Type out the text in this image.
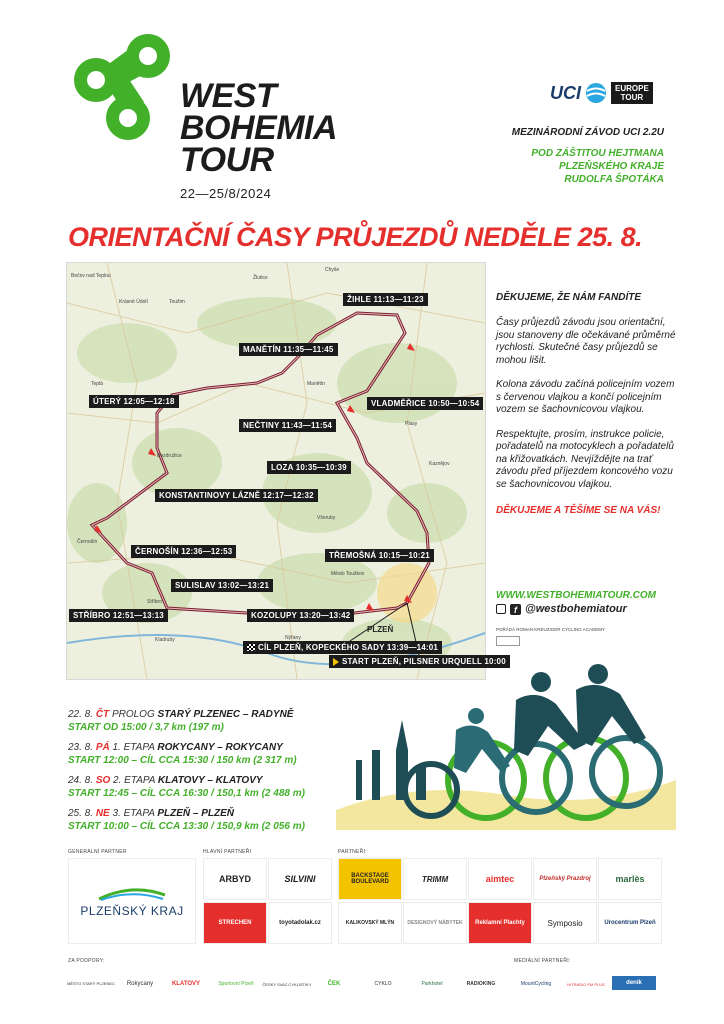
WEST
BOHEMIA
TOUR
22—25/8/2024
UCI	EUROPE
TOUR
MEZINÁRODNÍ ZÁVOD UCI 2.2U
POD ZÁŠTITOU HEJTMANA
PLZEŇSKÉHO KRAJE
RUDOLFA ŠPOTÁKA
ORIENTAČNÍ ČASY PRŮJEZDŮ NEDĚLE 25. 8.
Bečov nad Teplou	Žlutice
Chyše
Toužim
Krásné Údolí
Manětín
Teplá
Plasy
Bezdružice
Kaznějov
Všeruby
Černošín
Město Touškov
Stříbro
Kladruby	Nýřany
PLZEŇ
ŽIHLE 11:13—11:23
MANĚTÍN 11:35—11:45
ÚTERÝ 12:05—12:18	VLADMĚŘICE 10:50—10:54
NEČTINY 11:43—11:54
LOZA 10:35—10:39
KONSTANTINOVY LÁZNĚ 12:17—12:32
ČERNOŠÍN 12:36—12:53	TŘEMOŠNÁ 10:15—10:21
SULISLAV 13:02—13:21
STŘÍBRO 12:51—13:13	KOZOLUPY 13:20—13:42
CÍL PLZEŇ, KOPECKÉHO SADY 13:39—14:01
START PLZEŇ, PILSNER URQUELL 10:00
DĚKUJEME, ŽE NÁM FANDÍTE
Časy průjezdů závodu jsou orientační, jsou stanoveny dle očekávané průměrné rychlosti. Skutečné časy průjezdů se mohou lišit.
Kolona závodu začíná policejním vozem s červenou vlajkou a končí policejním vozem se šachovnicovou vlajkou.
Respektujte, prosím, instrukce policie, pořadatelů na motocyklech a pořadatelů na křižovatkách. Nevjíždějte na trať závodu před příjezdem koncového vozu se šachovnicovou vlajkou.
DĚKUJEME A TĚŠÍME SE NA VÁS!
WWW.WESTBOHEMIATOUR.COM
f @westbohemiatour
POŘÁDÁ ROMAN KREUZIGER CYCLING ACADEMY
22. 8. ČT PROLOG STARÝ PLZENEC – RADYNĚ
START OD 15:00 / 3,7 km (197 m)
23. 8. PÁ 1. ETAPA ROKYCANY – ROKYCANY
START 12:00 – CÍL CCA 15:30 / 150 km (2 317 m)
24. 8. SO 2. ETAPA KLATOVY – KLATOVY
START 12:45 – CÍL CCA 16:30 / 150,1 km (2 488 m)
25. 8. NE 3. ETAPA PLZEŇ – PLZEŇ
START 10:00 – CÍL CCA 13:30 / 150,9 km (2 056 m)
GENERÁLNÍ PARTNER	HLAVNÍ PARTNEŘI	PARTNEŘI:
PLZEŇSKÝ KRAJ
ARBYD	SILVINI
STRECHEN	toyotadolak.cz
BACKSTAGE BOULEVARD	TRIMM	aimtec	Plzeňský Prazdroj	marlès
KALIKOVSKÝ MLÝN	DESIGNOVÝ NÁBYTEK	Reklamní Plachty	Symposio	Urocentrum Plzeň
ZA PODPORY:	MEDIÁLNÍ PARTNEŘI:
MĚSTO STARÝ PLZENEC	Rokycany	KLATOVY	Sportovní Plzeň	ČESKÝ SVAZ CYKLISTIKY	ČEK	CYKLO	Parkhotel	RADIOKING	MountCycling	HITRADIO FM PLUS	deník
